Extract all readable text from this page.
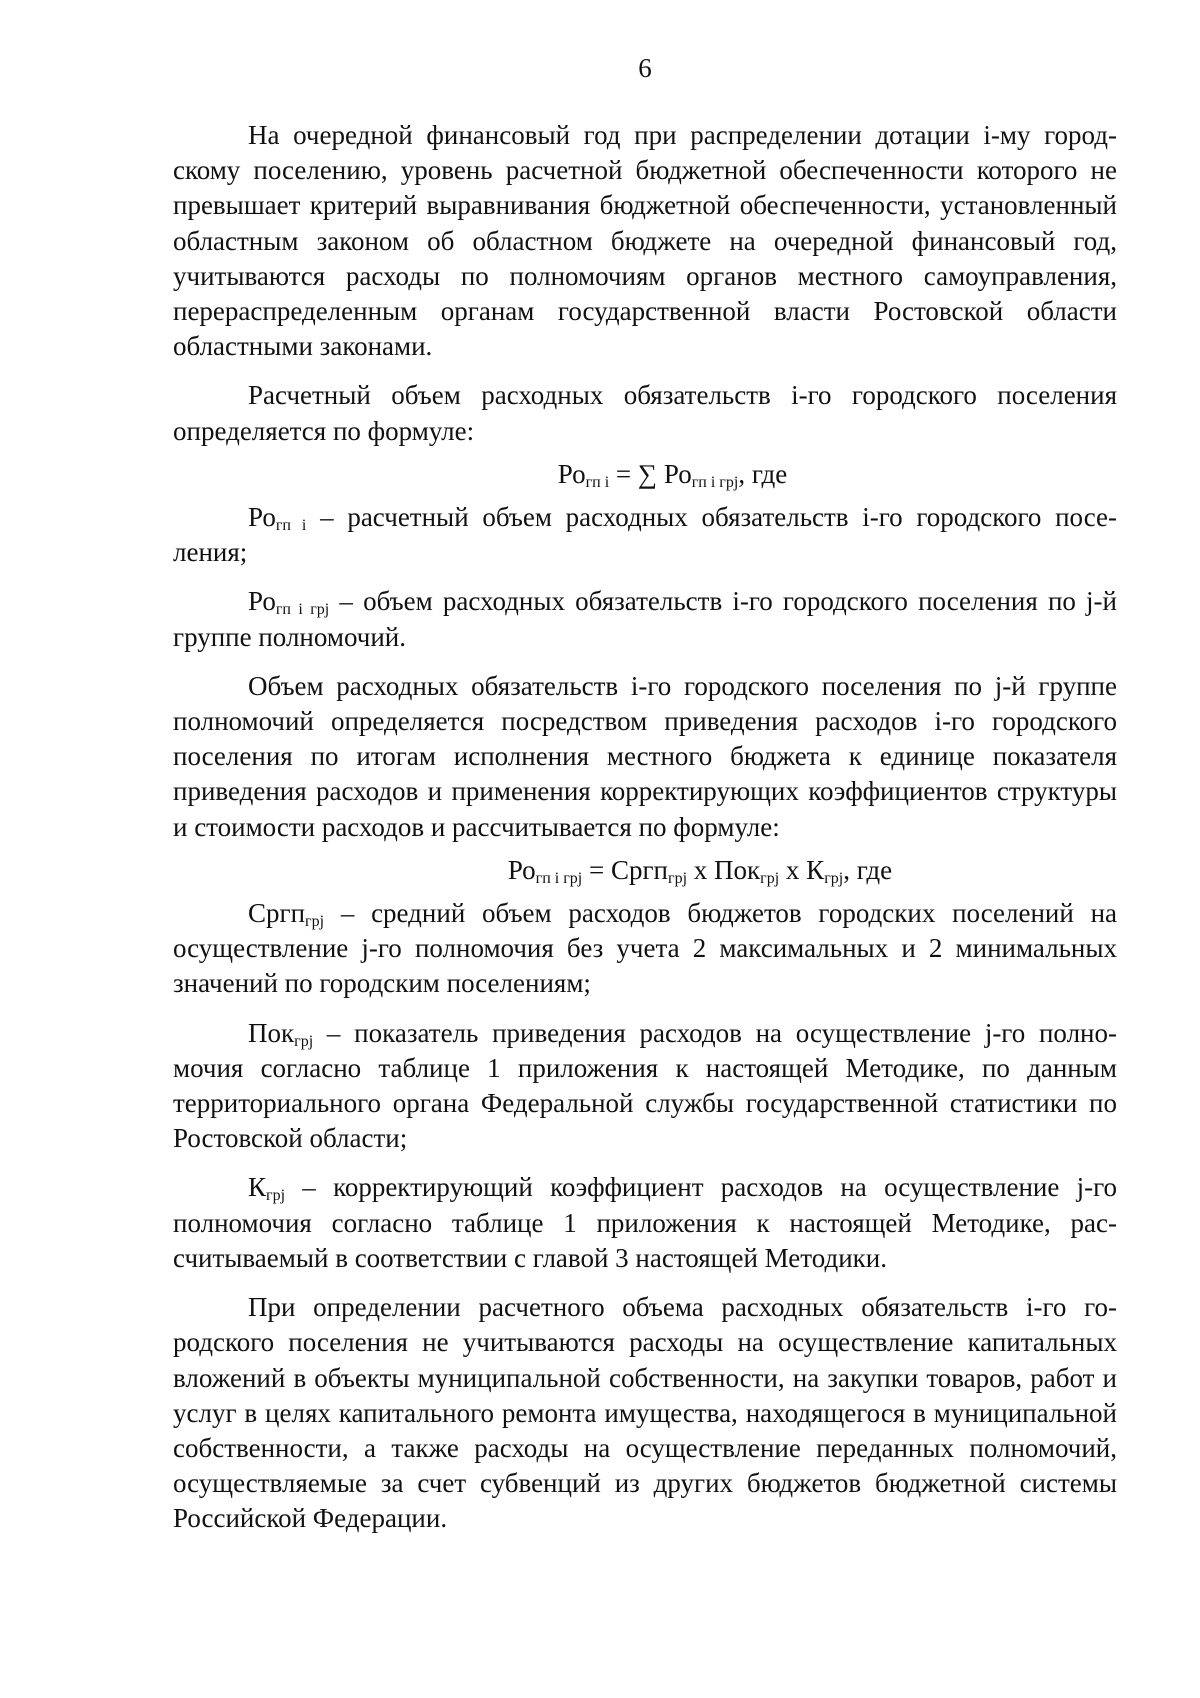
6

На очередной финансовый год при распределении дотации i-му городскому поселению, уровень расчетной бюджетной обеспеченности которого не превышает критерий выравнивания бюджетной обеспеченности, установленный областным законом об областном бюджете на очередной финансовый год, учитываются расходы по полномочиям органов местного самоуправления, перераспределенным органам государственной власти Ростовской области областными законами.

Расчетный объем расходных обязательств i-го городского поселения определяется по формуле:

$Ро_{гп i}$ = ∑ $Ро_{гп i грj}$, где

$Ро_{гп i}$ – расчетный объем расходных обязательств i-го городского поселения;

$Ро_{гп i грj}$ – объем расходных обязательств i-го городского поселения по j-й группе полномочий.

Объем расходных обязательств i-го городского поселения по j-й группе полномочий определяется посредством приведения расходов i-го городского поселения по итогам исполнения местного бюджета к единице показателя приведения расходов и применения корректирующих коэффициентов структуры и стоимости расходов и рассчитывается по формуле:

$Ро_{гп i грj}$ = Сргп$_{грj}$ х Пок$_{грj}$ х $К_{грj}$, где

Сргп$_{грj}$ – средний объем расходов бюджетов городских поселений на осуществление j-го полномочия без учета 2 максимальных и 2 минимальных значений по городским поселениям;

Пок$_{грj}$ – показатель приведения расходов на осуществление j-го полномочия согласно таблице 1 приложения к настоящей Методике, по данным территориального органа Федеральной службы государственной статистики по Ростовской области;

$К_{грj}$ – корректирующий коэффициент расходов на осуществление j-го полномочия согласно таблице 1 приложения к настоящей Методике, рассчитываемый в соответствии с главой 3 настоящей Методики.

При определении расчетного объема расходных обязательств i-го городского поселения не учитываются расходы на осуществление капитальных вложений в объекты муниципальной собственности, на закупки товаров, работ и услуг в целях капитального ремонта имущества, находящегося в муниципальной собственности, а также расходы на осуществление переданных полномочий, осуществляемые за счет субвенций из других бюджетов бюджетной системы Российской Федерации.
